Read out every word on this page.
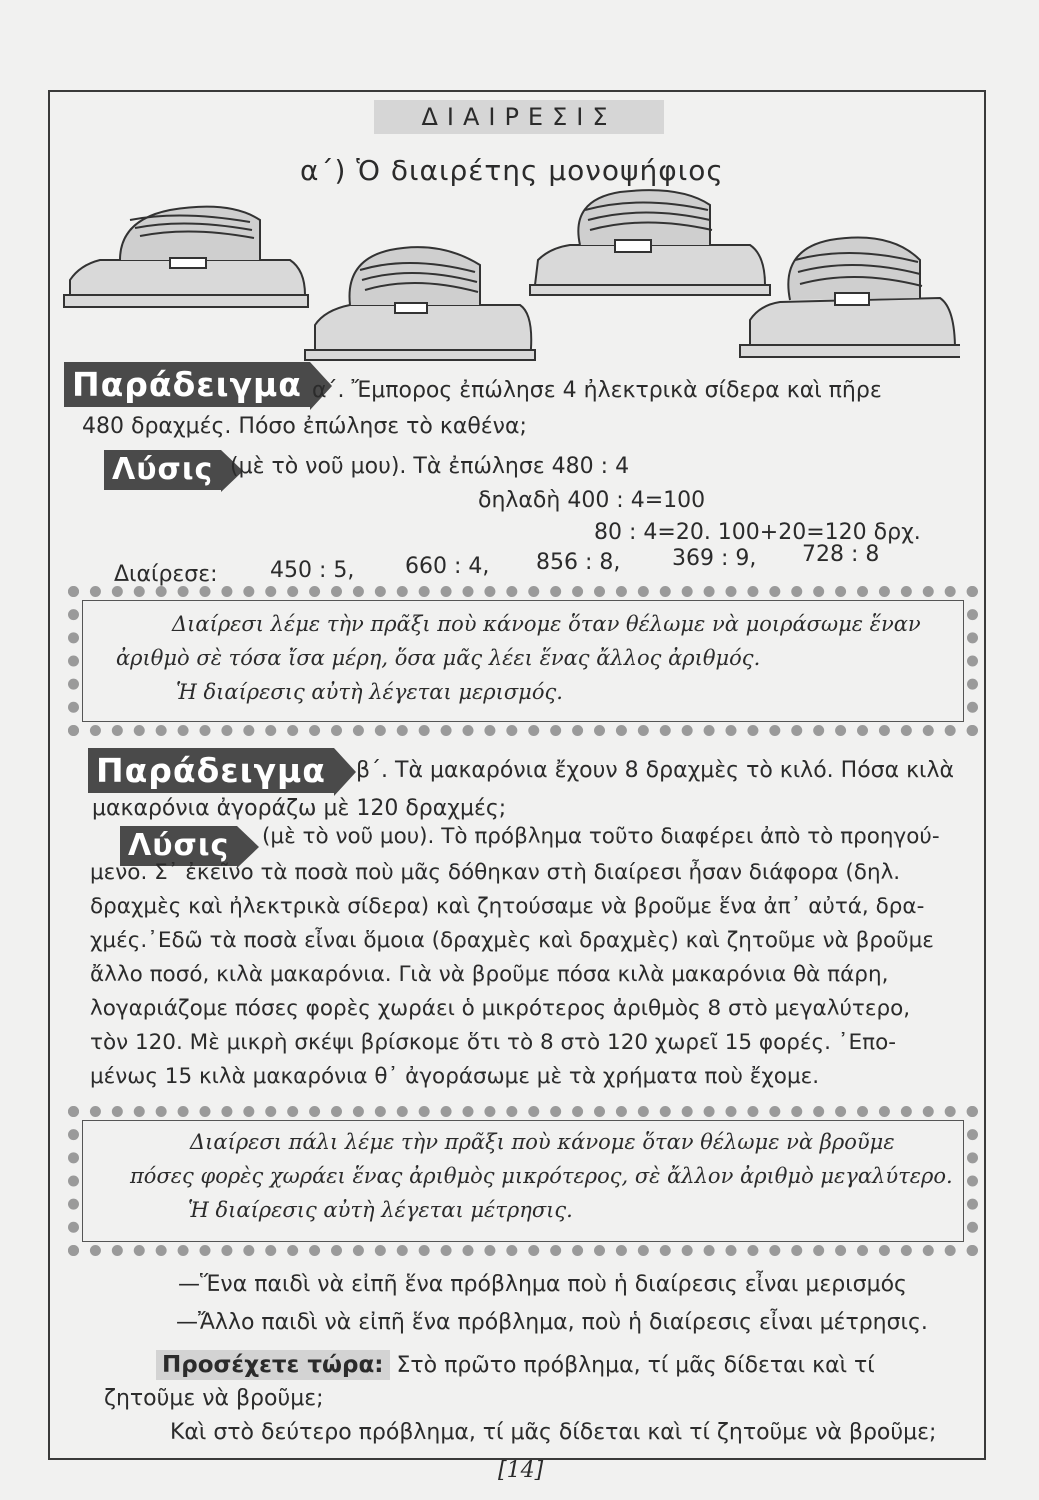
ΔΙΑΙΡΕΣΙΣ
α΄) Ὁ διαιρέτης μονοψήφιος
Παράδειγμα α΄. Ἔμπορος ἐπώλησε 4 ἠλεκτρικὰ σίδερα καὶ πῆρε
480 δραχμές. Πόσο ἐπώλησε τὸ καθένα;
Λύσις (μὲ τὸ νοῦ μου). Τὰ ἐπώλησε 480 : 4
δηλαδὴ 400 : 4=100
80 : 4=20. 100+20=120 δρχ.
Διαίρεσε: 450 : 5, 660 : 4, 856 : 8, 369 : 9, 728 : 8
Διαίρεσι λέμε τὴν πρᾶξι ποὺ κάνομε ὅταν θέλωμε νὰ μοιράσωμε ἕναν
ἀριθμὸ σὲ τόσα ἴσα μέρη, ὅσα μᾶς λέει ἕνας ἄλλος ἀριθμός.
Ἡ διαίρεσις αὐτὴ λέγεται μερισμός.
Παράδειγμα	β΄. Τὰ μακαρόνια ἔχουν 8 δραχμὲς τὸ κιλό. Πόσα κιλὰ
μακαρόνια ἀγοράζω μὲ 120 δραχμές;
Λύσις	(μὲ τὸ νοῦ μου). Τὸ πρόβλημα τοῦτο διαφέρει ἀπὸ τὸ προηγού-
μενο. Σ᾽ ἐκεῖνο τὰ ποσὰ ποὺ μᾶς δόθηκαν στὴ διαίρεσι ἦσαν διάφορα (δηλ.
δραχμὲς καὶ ἠλεκτρικὰ σίδερα) καὶ ζητούσαμε νὰ βροῦμε ἕνα ἀπ᾽ αὐτά, δρα-
χμές.᾽Εδῶ τὰ ποσὰ εἶναι ὅμοια (δραχμὲς καὶ δραχμὲς) καὶ ζητοῦμε νὰ βροῦμε
ἄλλο ποσό, κιλὰ μακαρόνια. Γιὰ νὰ βροῦμε πόσα κιλὰ μακαρόνια θὰ πάρη,
λογαριάζομε πόσες φορὲς χωράει ὁ μικρότερος ἀριθμὸς 8 στὸ μεγαλύτερο,
τὸν 120. Μὲ μικρὴ σκέψι βρίσκομε ὅτι τὸ 8 στὸ 120 χωρεῖ 15 φορές. ᾽Επο-
μένως 15 κιλὰ μακαρόνια θ᾽ ἀγοράσωμε μὲ τὰ χρήματα ποὺ ἔχομε.
Διαίρεσι πάλι λέμε τὴν πρᾶξι ποὺ κάνομε ὅταν θέλωμε νὰ βροῦμε
πόσες φορὲς χωράει ἕνας ἀριθμὸς μικρότερος, σὲ ἄλλον ἀριθμὸ μεγαλύτερο.
Ἡ διαίρεσις αὐτὴ λέγεται μέτρησις.
—Ἕνα παιδὶ νὰ εἰπῆ ἕνα πρόβλημα ποὺ ἡ διαίρεσις εἶναι μερισμός
—Ἄλλο παιδὶ νὰ εἰπῆ ἕνα πρόβλημα, ποὺ ἡ διαίρεσις εἶναι μέτρησις.
Προσέχετε τώρα: Στὸ πρῶτο πρόβλημα, τί μᾶς δίδεται καὶ τί
ζητοῦμε νὰ βροῦμε;
Καὶ στὸ δεύτερο πρόβλημα, τί μᾶς δίδεται καὶ τί ζητοῦμε νὰ βροῦμε;
[14]
